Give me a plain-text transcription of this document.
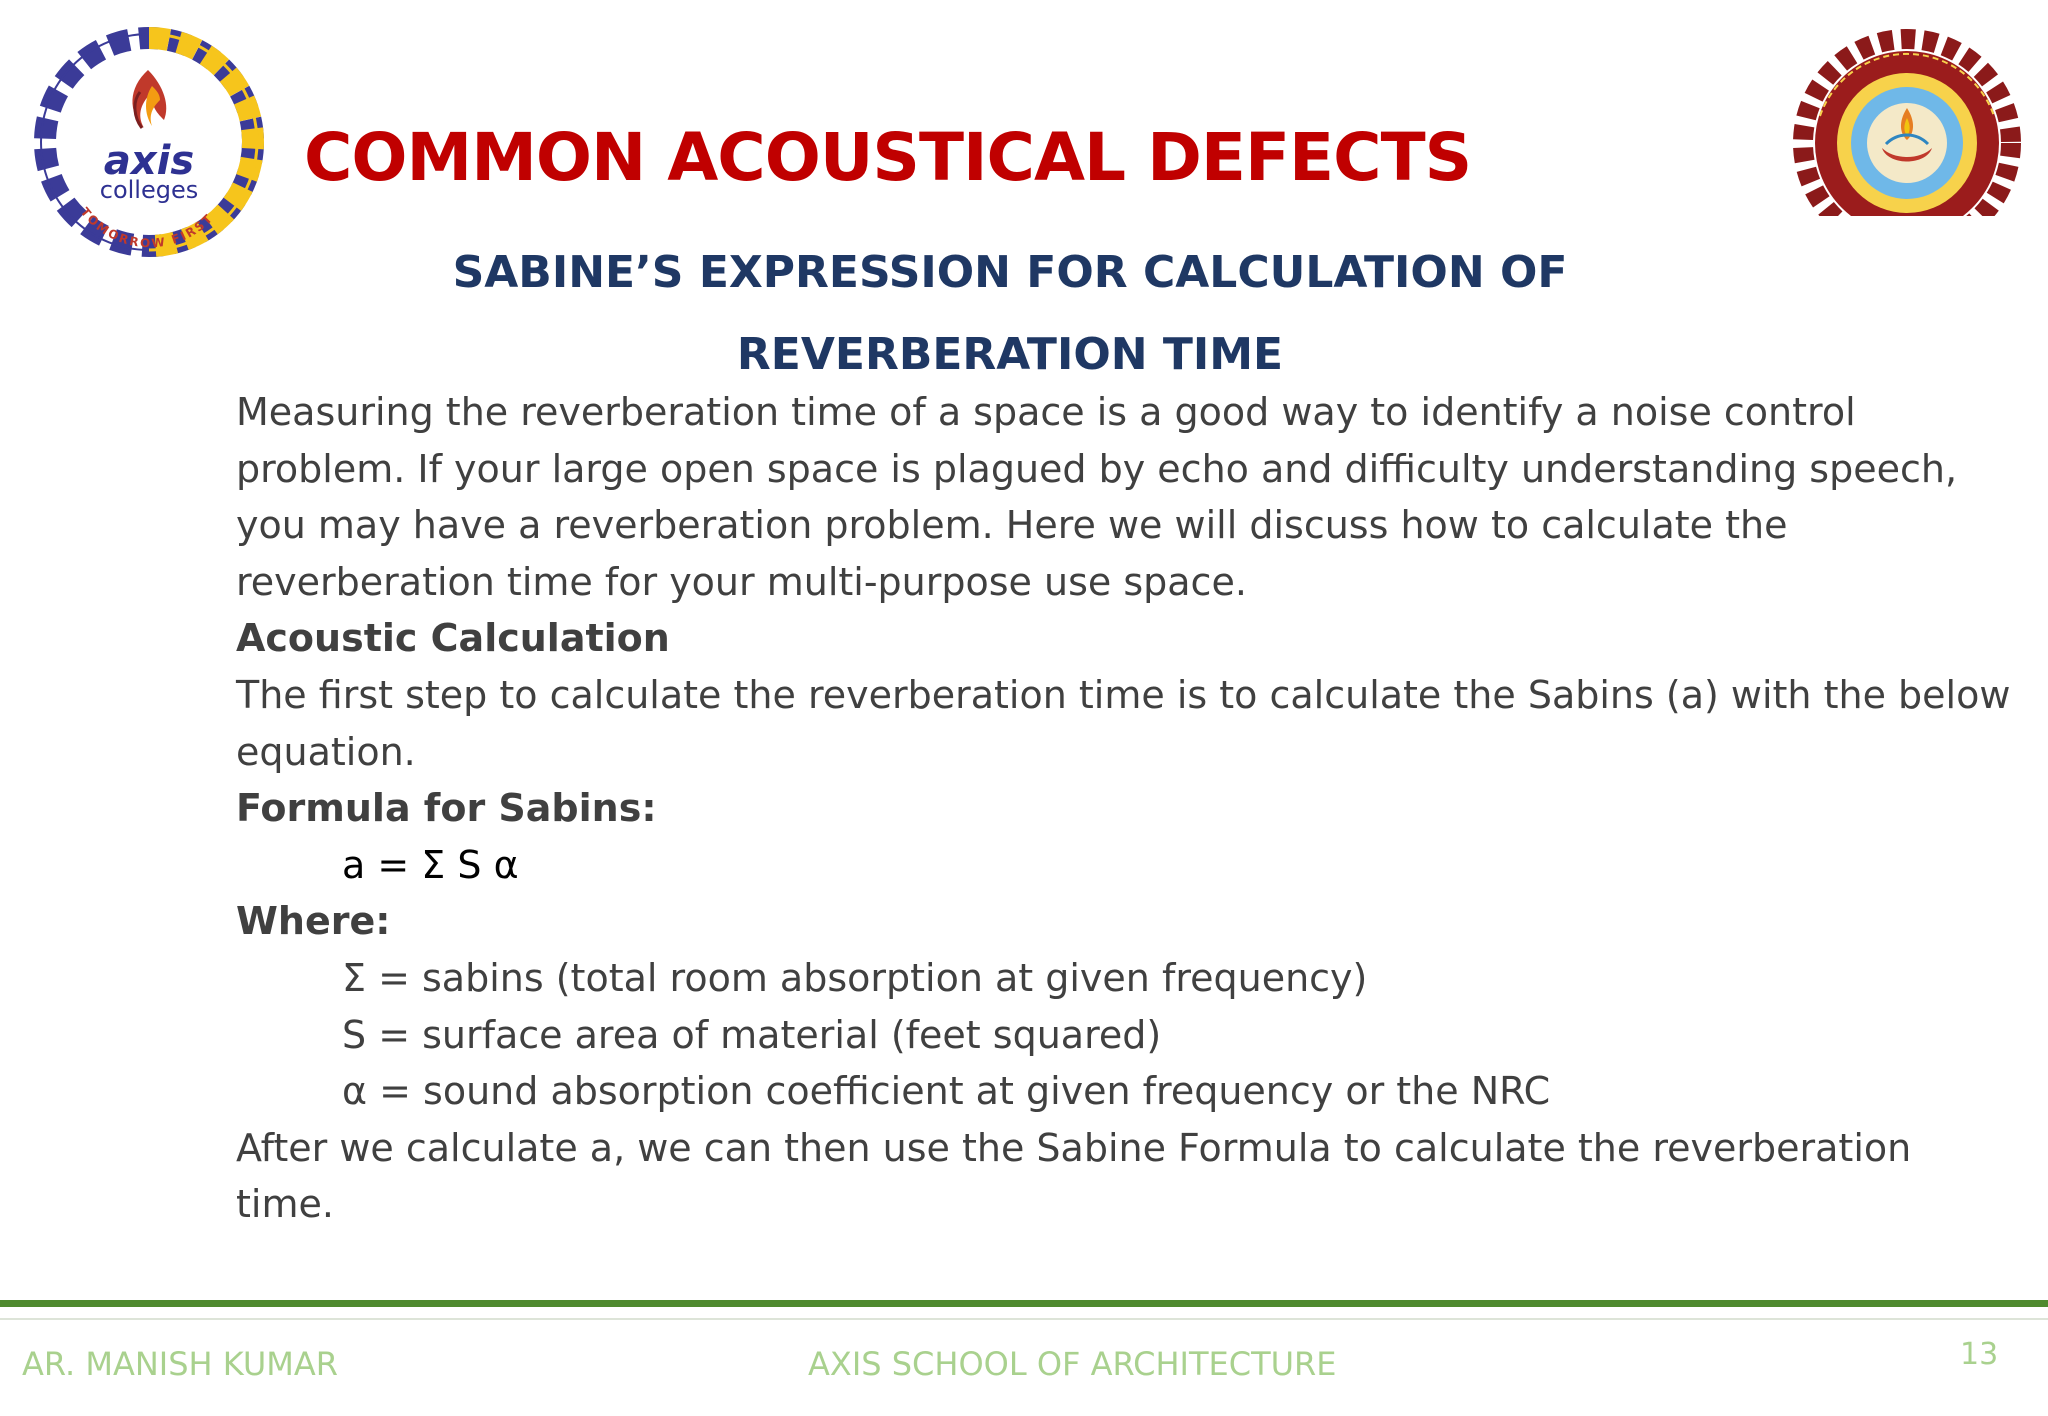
axis
colleges
TOMORROW FIRST
COMMON ACOUSTICAL DEFECTS
SABINE’S EXPRESSION FOR CALCULATION OF REVERBERATION TIME

Measuring the reverberation time of a space is a good way to identify a noise control problem. If your large open space is plagued by echo and difficulty understanding speech, you may have a reverberation problem. Here we will discuss how to calculate the reverberation time for your multi-purpose use space.

Acoustic Calculation

The first step to calculate the reverberation time is to calculate the Sabins (a) with the below equation.

Formula for Sabins:

a = Σ S α

Where:

Σ = sabins (total room absorption at given frequency)

S = surface area of material (feet squared)

α = sound absorption coefficient at given frequency or the NRC

After we calculate a, we can then use the Sabine Formula to calculate the reverberation time.

AR. MANISH KUMAR	AXIS SCHOOL OF ARCHITECTURE	13
